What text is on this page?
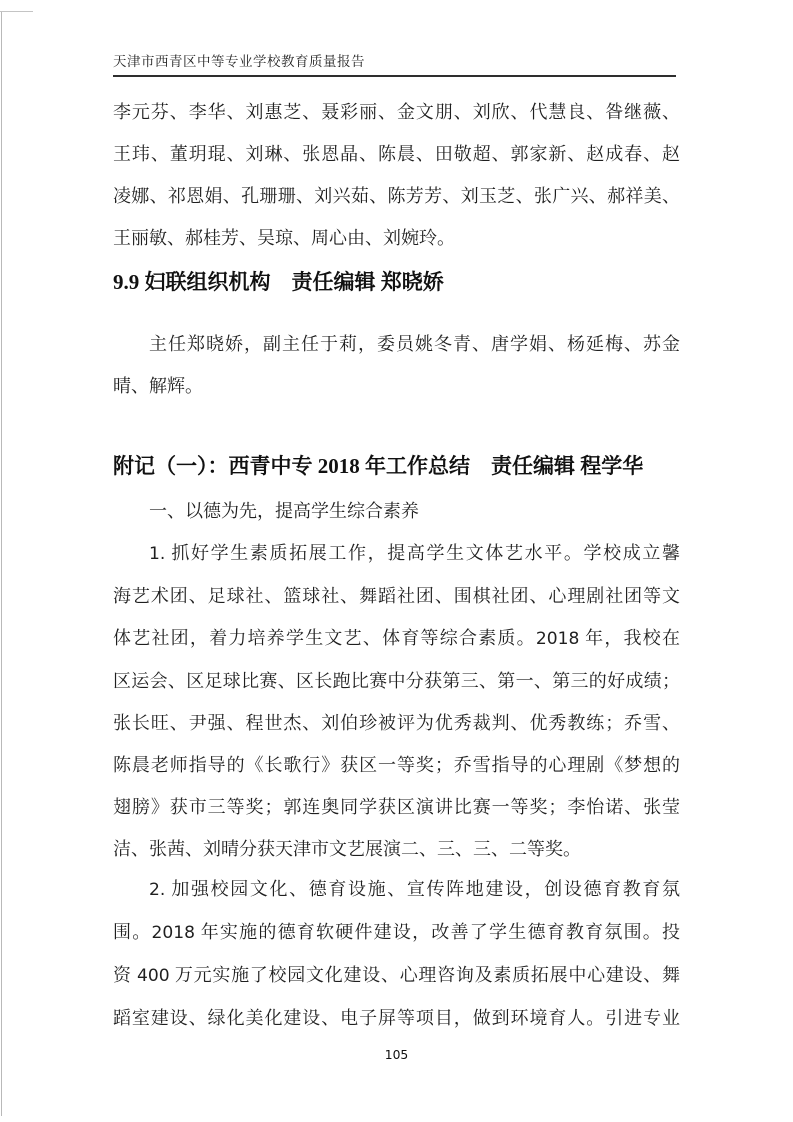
天津市西青区中等专业学校教育质量报告
李元芬、李华、刘惠芝、聂彩丽、金文朋、刘欣、代慧良、昝继薇、
王玮、董玥琨、刘琳、张恩晶、陈晨、田敬超、郭家新、赵成春、赵
凌娜、祁恩娟、孔珊珊、刘兴茹、陈芳芳、刘玉芝、张广兴、郝祥美、
王丽敏、郝桂芳、吴琼、周心由、刘婉玲。
9.9 妇联组织机构　责任编辑 郑晓娇
主任郑晓娇，副主任于莉，委员姚冬青、唐学娟、杨延梅、苏金
晴、解辉。
附记（一）：西青中专 2018 年工作总结　责任编辑 程学华
一、以德为先，提高学生综合素养
1. 抓好学生素质拓展工作，提高学生文体艺水平。学校成立馨
海艺术团、足球社、篮球社、舞蹈社团、围棋社团、心理剧社团等文
体艺社团，着力培养学生文艺、体育等综合素质。2018 年，我校在
区运会、区足球比赛、区长跑比赛中分获第三、第一、第三的好成绩；
张长旺、尹强、程世杰、刘伯珍被评为优秀裁判、优秀教练；乔雪、
陈晨老师指导的《长歌行》获区一等奖；乔雪指导的心理剧《梦想的
翅膀》获市三等奖；郭连奥同学获区演讲比赛一等奖；李怡诺、张莹
洁、张茜、刘晴分获天津市文艺展演二、三、三、二等奖。
2. 加强校园文化、德育设施、宣传阵地建设，创设德育教育氛
围。2018 年实施的德育软硬件建设，改善了学生德育教育氛围。投
资 400 万元实施了校园文化建设、心理咨询及素质拓展中心建设、舞
蹈室建设、绿化美化建设、电子屏等项目，做到环境育人。引进专业
105
